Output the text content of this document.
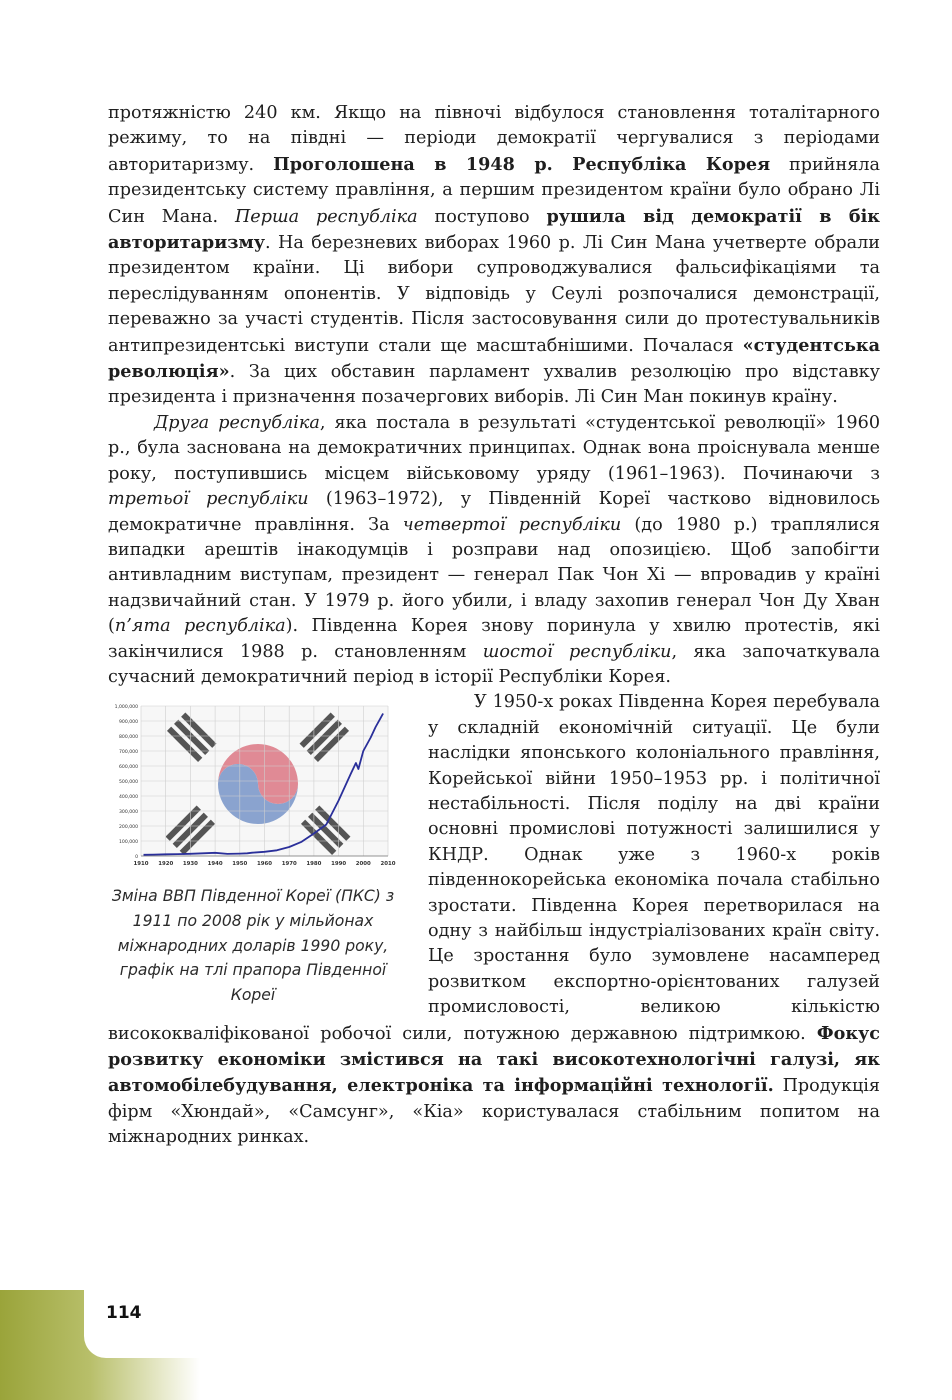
114

протяжністю 240 км. Якщо на півночі відбулося становлення тоталітарного режиму, то на півдні — періоди демократії чергувалися з періодами авторитаризму. Проголошена в 1948 р. Республіка Корея прийняла президентську систему правління, а першим президентом країни було обрано Лі Син Мана. Перша республіка поступово рушила від демократії в бік авторитаризму. На березневих виборах 1960 р. Лі Син Мана учетверте обрали президентом країни. Ці вибори супроводжувалися фальсифікаціями та переслідуванням опонентів. У відповідь у Сеулі розпочалися демонстрації, переважно за участі студентів. Після застосовування сили до протестувальників антипрезидентські виступи стали ще масштабнішими. Почалася «студентська революція». За цих обставин парламент ухвалив резолюцію про відставку президента і призначення позачергових виборів. Лі Син Ман покинув країну.

Друга республіка, яка постала в результаті «студентської революції» 1960 р., була заснована на демократичних принципах. Однак вона проіснувала менше року, поступившись місцем військовому уряду (1961–1963). Починаючи з третьої республіки (1963–1972), у Південній Кореї частково відновилось демократичне правління. За четвертої республіки (до 1980 р.) траплялися випадки арештів інакодумців і розправи над опозицією. Щоб запобігти антивладним виступам, президент — генерал Пак Чон Хі — впровадив у країні надзвичайний стан. У 1979 р. його убили, і владу захопив генерал Чон Ду Хван (п’ята республіка). Південна Корея знову поринула у хвилю протестів, які закінчилися 1988 р. становленням шостої республіки, яка започаткувала сучасний демократичний період в історії Республіки Корея.

0
100,000
200,000
300,000
400,000
500,000
600,000
700,000
800,000
900,000
1,000,000
1910 1920 1930 1940 1950 1960 1970 1980 1990 2000 2010
Зміна ВВП Південної Кореї (ПКС) з 1911 по 2008 рік у мільйонах міжнародних доларів 1990 року, графік на тлі прапора Південної Кореї

У 1950-х роках Південна Корея перебувала у складній економічній ситуації. Це були наслідки японського колоніального правління, Корейської війни 1950–1953 рр. і політичної нестабільності. Після поділу на дві країни основні промислові потужності залишилися у КНДР. Однак уже з 1960-х років південнокорейська економіка почала стабільно зростати. Південна Корея перетворилася на одну з найбільш індустріалізованих країн світу. Це зростання було зумовлене насамперед розвитком експортно-орієнтованих галузей промисловості, великою кількістю висококваліфікованої робочої сили, потужною державною підтримкою. Фокус розвитку економіки змістився на такі високотехнологічні галузі, як автомобілебудування, електроніка та інформаційні технології. Продукція фірм «Хюндай», «Самсунг», «Кіа» користувалася стабільним попитом на міжнародних ринках.
